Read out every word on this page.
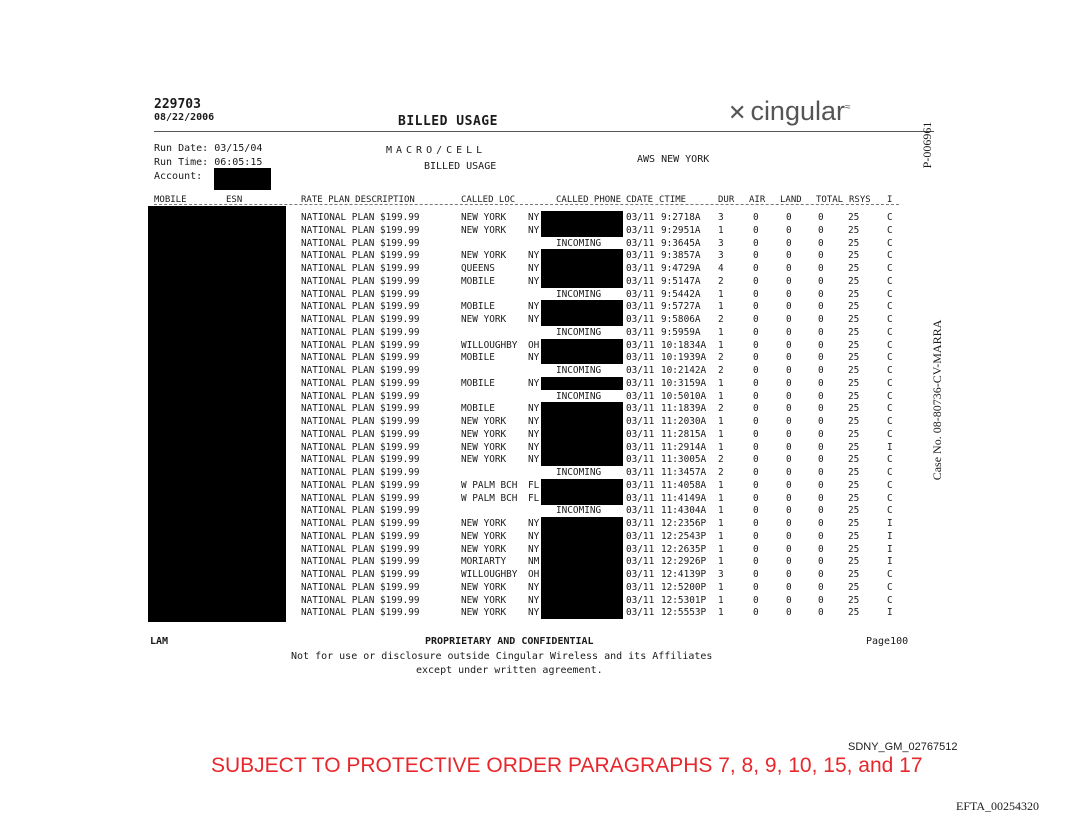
229703
08/22/2006	BILLED USAGE	✕ cingular≈
Run Date: 03/15/04
Run Time: 06:05:15
Account:
MACRO/CELL
BILLED USAGE
AWS NEW YORK	P-006961
Case No. 08-80736-CV-MARRA
MOBILE	ESN	RATE PLAN DESCRIPTION	CALLED LOC	CALLED PHONE CDATE CTIME	DUR AIR LAND TOTAL RSYS I
NATIONAL PLAN $199.99	NEW YORK NY	03/11 9:2718A 3	0	0	0	25	C
NATIONAL PLAN $199.99	NEW YORK NY	03/11 9:2951A 1	0	0	0	25	C
NATIONAL PLAN $199.99	INCOMING	03/11 9:3645A 3	0	0	0	25	C
NATIONAL PLAN $199.99	NEW YORK NY	03/11 9:3857A 3	0	0	0	25	C
NATIONAL PLAN $199.99	QUEENS	NY	03/11 9:4729A 4	0	0	0	25	C
NATIONAL PLAN $199.99	MOBILE	NY	03/11 9:5147A 2	0	0	0	25	C
NATIONAL PLAN $199.99	INCOMING	03/11 9:5442A 1	0	0	0	25	C
NATIONAL PLAN $199.99	MOBILE	NY	03/11 9:5727A 1	0	0	0	25	C
NATIONAL PLAN $199.99	NEW YORK NY	03/11 9:5806A 2	0	0	0	25	C
NATIONAL PLAN $199.99	INCOMING	03/11 9:5959A 1	0	0	0	25	C
NATIONAL PLAN $199.99	WILLOUGHBY OH	03/11 10:1834A 1	0	0	0	25	C
NATIONAL PLAN $199.99	MOBILE	NY	03/11 10:1939A 2	0	0	0	25	C
NATIONAL PLAN $199.99	INCOMING	03/11 10:2142A 2	0	0	0	25	C
NATIONAL PLAN $199.99	MOBILE	NY	03/11 10:3159A 1	0	0	0	25	C
NATIONAL PLAN $199.99	INCOMING	03/11 10:5010A 1	0	0	0	25	C
NATIONAL PLAN $199.99	MOBILE	NY	03/11 11:1839A 2	0	0	0	25	C
NATIONAL PLAN $199.99	NEW YORK NY	03/11 11:2030A 1	0	0	0	25	C
NATIONAL PLAN $199.99	NEW YORK NY	03/11 11:2815A 1	0	0	0	25	C
NATIONAL PLAN $199.99	NEW YORK NY	03/11 11:2914A 1	0	0	0	25	I
NATIONAL PLAN $199.99	NEW YORK NY	03/11 11:3005A 2	0	0	0	25	C
NATIONAL PLAN $199.99	INCOMING	03/11 11:3457A 2	0	0	0	25	C
NATIONAL PLAN $199.99	W PALM BCH FL	03/11 11:4058A 1	0	0	0	25	C
NATIONAL PLAN $199.99	W PALM BCH FL	03/11 11:4149A 1	0	0	0	25	C
NATIONAL PLAN $199.99	INCOMING	03/11 11:4304A 1	0	0	0	25	C
NATIONAL PLAN $199.99	NEW YORK NY	03/11 12:2356P 1	0	0	0	25	I
NATIONAL PLAN $199.99	NEW YORK NY	03/11 12:2543P 1	0	0	0	25	I
NATIONAL PLAN $199.99	NEW YORK NY	03/11 12:2635P 1	0	0	0	25	I
NATIONAL PLAN $199.99	MORIARTY NM	03/11 12:2926P 1	0	0	0	25	I
NATIONAL PLAN $199.99	WILLOUGHBY OH	03/11 12:4139P 3	0	0	0	25	C
NATIONAL PLAN $199.99	NEW YORK NY	03/11 12:5200P 1	0	0	0	25	C
NATIONAL PLAN $199.99	NEW YORK NY	03/11 12:5301P 1	0	0	0	25	C
NATIONAL PLAN $199.99	NEW YORK NY	03/11 12:5553P 1	0	0	0	25	I
LAM	PROPRIETARY AND CONFIDENTIAL	Page100
Not for use or disclosure outside Cingular Wireless and its Affiliates
except under written agreement.
SDNY_GM_02767512
SUBJECT TO PROTECTIVE ORDER PARAGRAPHS 7, 8, 9, 10, 15, and 17
EFTA_00254320
